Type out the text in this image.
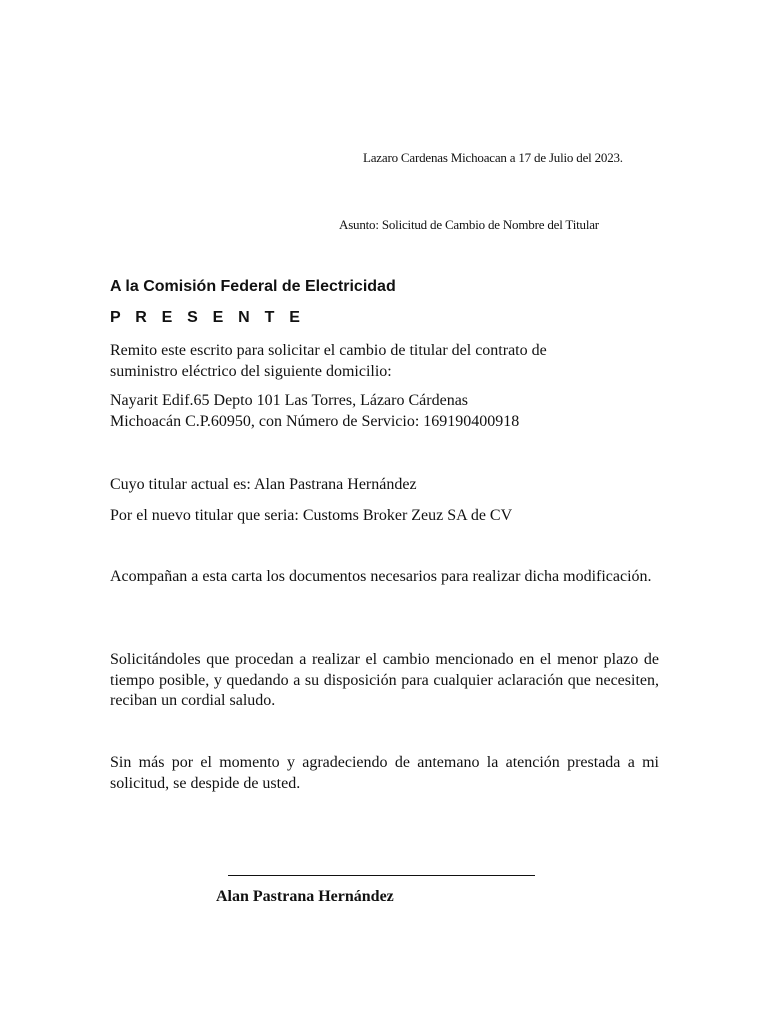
Lazaro Cardenas Michoacan a 17 de Julio del 2023.
Asunto: Solicitud de Cambio de Nombre del Titular
A la Comisión Federal de Electricidad
P R E S E N T E
Remito este escrito para solicitar el cambio de titular del contrato de
suministro eléctrico del siguiente domicilio:
Nayarit Edif.65 Depto 101 Las Torres, Lázaro Cárdenas
Michoacán C.P.60950, con Número de Servicio: 169190400918
Cuyo titular actual es: Alan Pastrana Hernández
Por el nuevo titular que seria: Customs Broker Zeuz SA de CV
Acompañan a esta carta los documentos necesarios para realizar dicha modificación.
Solicitándoles que procedan a realizar el cambio mencionado en el menor plazo de tiempo posible, y quedando a su disposición para cualquier aclaración que necesiten, reciban un cordial saludo.
Sin más por el momento y agradeciendo de antemano la atención prestada a mi solicitud, se despide de usted.
Alan Pastrana Hernández
